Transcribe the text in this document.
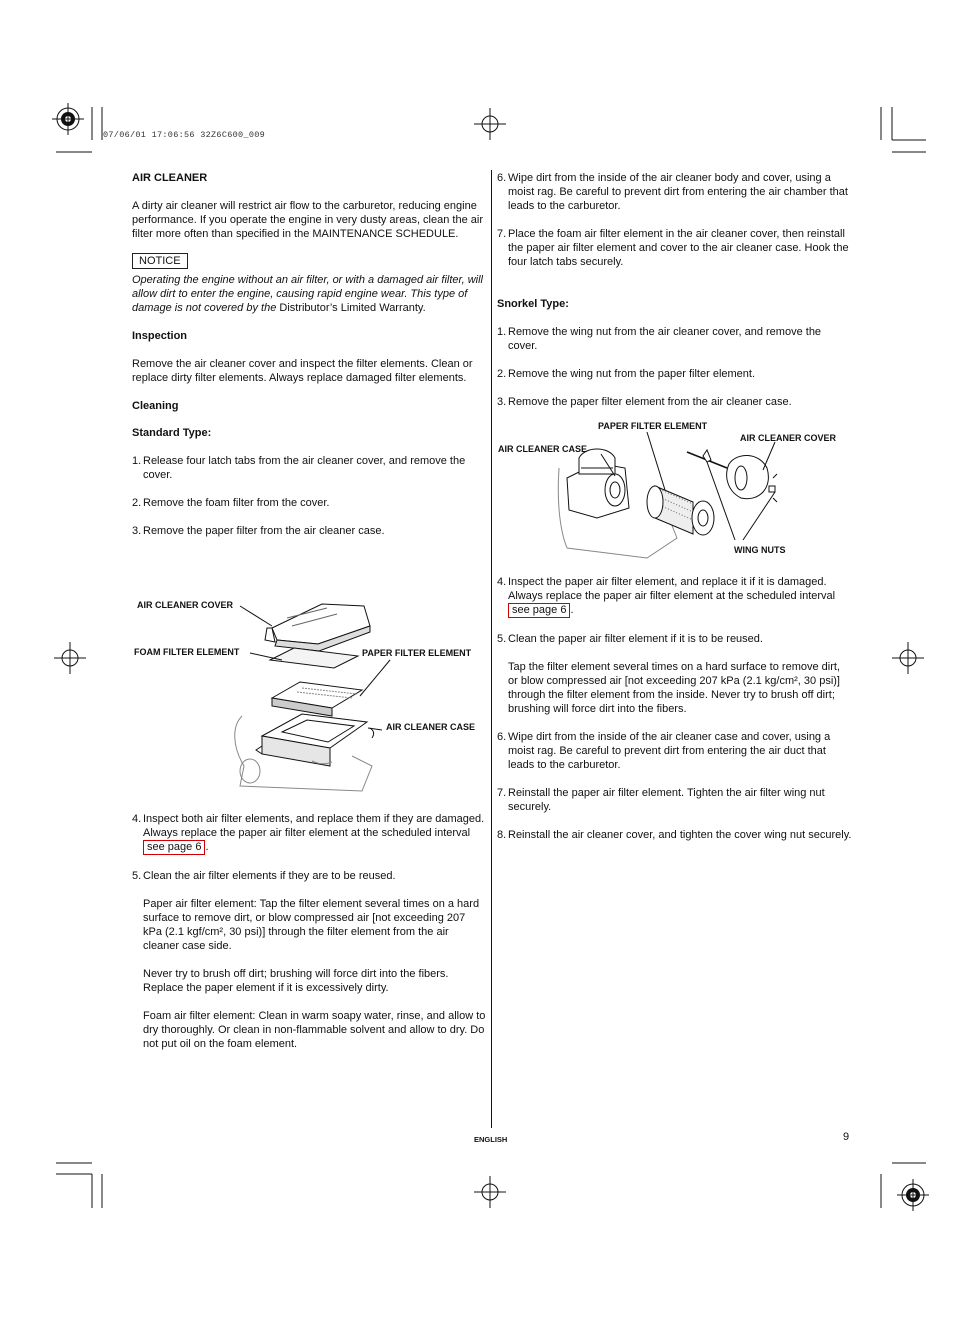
07/06/01 17:06:56 32Z6C600_009
AIR CLEANER
A dirty air cleaner will restrict air flow to the carburetor, reducing engine performance. If you operate the engine in very dusty areas, clean the air filter more often than specified in the MAINTENANCE SCHEDULE.
NOTICE
Operating the engine without an air filter, or with a damaged air filter, will allow dirt to enter the engine, causing rapid engine wear. This type of damage is not covered by the Distributor’s Limited Warranty.
Inspection
Remove the air cleaner cover and inspect the filter elements. Clean or replace dirty filter elements. Always replace damaged filter elements.
Cleaning
Standard Type:
1. Release four latch tabs from the air cleaner cover, and remove the cover.
2. Remove the foam filter from the cover.
3. Remove the paper filter from the air cleaner case.
AIR CLEANER COVER
FOAM FILTER ELEMENT	PAPER FILTER ELEMENT
AIR CLEANER CASE
4. Inspect both air filter elements, and replace them if they are damaged. Always replace the paper air filter element at the scheduled interval see page 6 .
5. Clean the air filter elements if they are to be reused.
Paper air filter element: Tap the filter element several times on a hard surface to remove dirt, or blow compressed air [not exceeding 207 kPa (2.1 kgf/cm², 30 psi)] through the filter element from the air cleaner case side.
Never try to brush off dirt; brushing will force dirt into the fibers. Replace the paper element if it is excessively dirty.
Foam air filter element: Clean in warm soapy water, rinse, and allow to dry thoroughly. Or clean in non-flammable solvent and allow to dry. Do not put oil on the foam element.
6. Wipe dirt from the inside of the air cleaner body and cover, using a moist rag. Be careful to prevent dirt from entering the air chamber that leads to the carburetor.
7. Place the foam air filter element in the air cleaner cover, then reinstall the paper air filter element and cover to the air cleaner case. Hook the four latch tabs securely.
Snorkel Type:
1. Remove the wing nut from the air cleaner cover, and remove the cover.
2. Remove the wing nut from the paper filter element.
3. Remove the paper filter element from the air cleaner case.
PAPER FILTER ELEMENT
AIR CLEANER COVER
AIR CLEANER CASE
WING NUTS
4. Inspect the paper air filter element, and replace it if it is damaged. Always replace the paper air filter element at the scheduled interval see page 6 .
5. Clean the paper air filter element if it is to be reused.
Tap the filter element several times on a hard surface to remove dirt, or blow compressed air [not exceeding 207 kPa (2.1 kg/cm², 30 psi)] through the filter element from the inside. Never try to brush off dirt; brushing will force dirt into the fibers.
6. Wipe dirt from the inside of the air cleaner case and cover, using a moist rag. Be careful to prevent dirt from entering the air duct that leads to the carburetor.
7. Reinstall the paper air filter element. Tighten the air filter wing nut securely.
8. Reinstall the air cleaner cover, and tighten the cover wing nut securely.
ENGLISH	9
